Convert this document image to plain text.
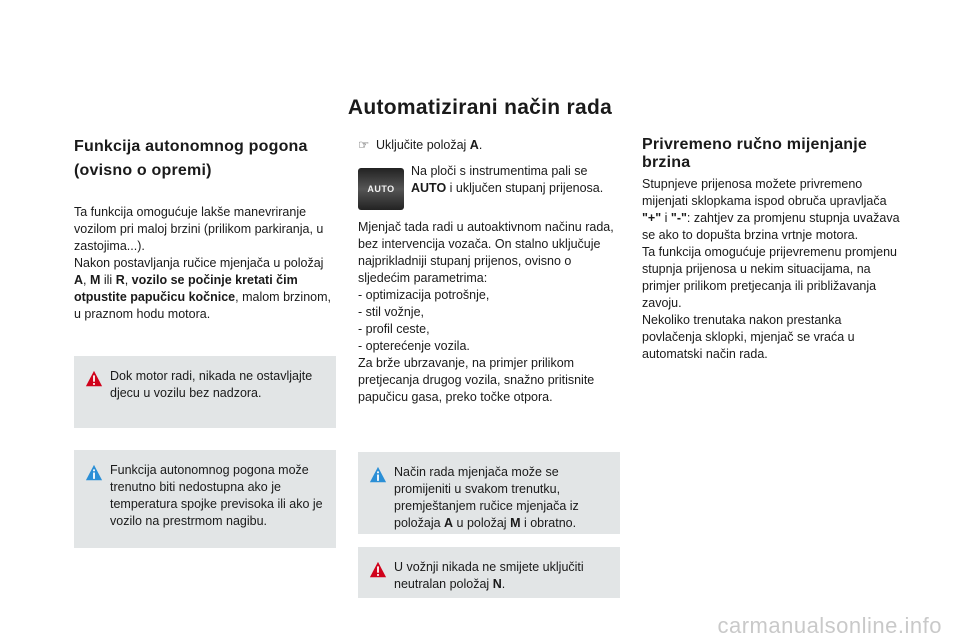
Automatizirani način rada
Funkcija autonomnog pogona
(ovisno o opremi)

Ta funkcija omogućuje lakše manevriranje vozilom pri maloj brzini (prilikom parkiranja, u zastojima...).

Nakon postavljanja ručice mjenjača u položaj A, M ili R, vozilo se počinje kretati čim otpustite papučicu kočnice, malom brzinom, u praznom hodu motora.

Dok motor radi, nikada ne ostavljajte djecu u vozilu bez nadzora.
Funkcija autonomnog pogona može trenutno biti nedostupna ako je temperatura spojke previsoka ili ako je vozilo na prestrmom nagibu.
☞ Uključite položaj A.
AUTO
Na ploči s instrumentima pali se AUTO i uključen stupanj prijenosa.

Mjenjač tada radi u autoaktivnom načinu rada, bez intervencija vozača. On stalno uključuje najprikladniji stupanj prijenos, ovisno o sljedećim parametrima:

- optimizacija potrošnje,
- stil vožnje,
- profil ceste,
- opterećenje vozila.

Za brže ubrzavanje, na primjer prilikom pretjecanja drugog vozila, snažno pritisnite papučicu gasa, preko točke otpora.

Način rada mjenjača može se promijeniti u svakom trenutku, premještanjem ručice mjenjača iz položaja A u položaj M i obratno.
U vožnji nikada ne smijete uključiti neutralan položaj N.
Privremeno ručno mijenjanje
brzina

Stupnjeve prijenosa možete privremeno mijenjati sklopkama ispod obruča upravljača "+" i "-": zahtjev za promjenu stupnja uvažava se ako to dopušta brzina vrtnje motora.

Ta funkcija omogućuje prijevremenu promjenu stupnja prijenosa u nekim situacijama, na primjer prilikom pretjecanja ili približavanja zavoju.

Nekoliko trenutaka nakon prestanka povlačenja sklopki, mjenjač se vraća u automatski način rada.

carmanualsonline.info
